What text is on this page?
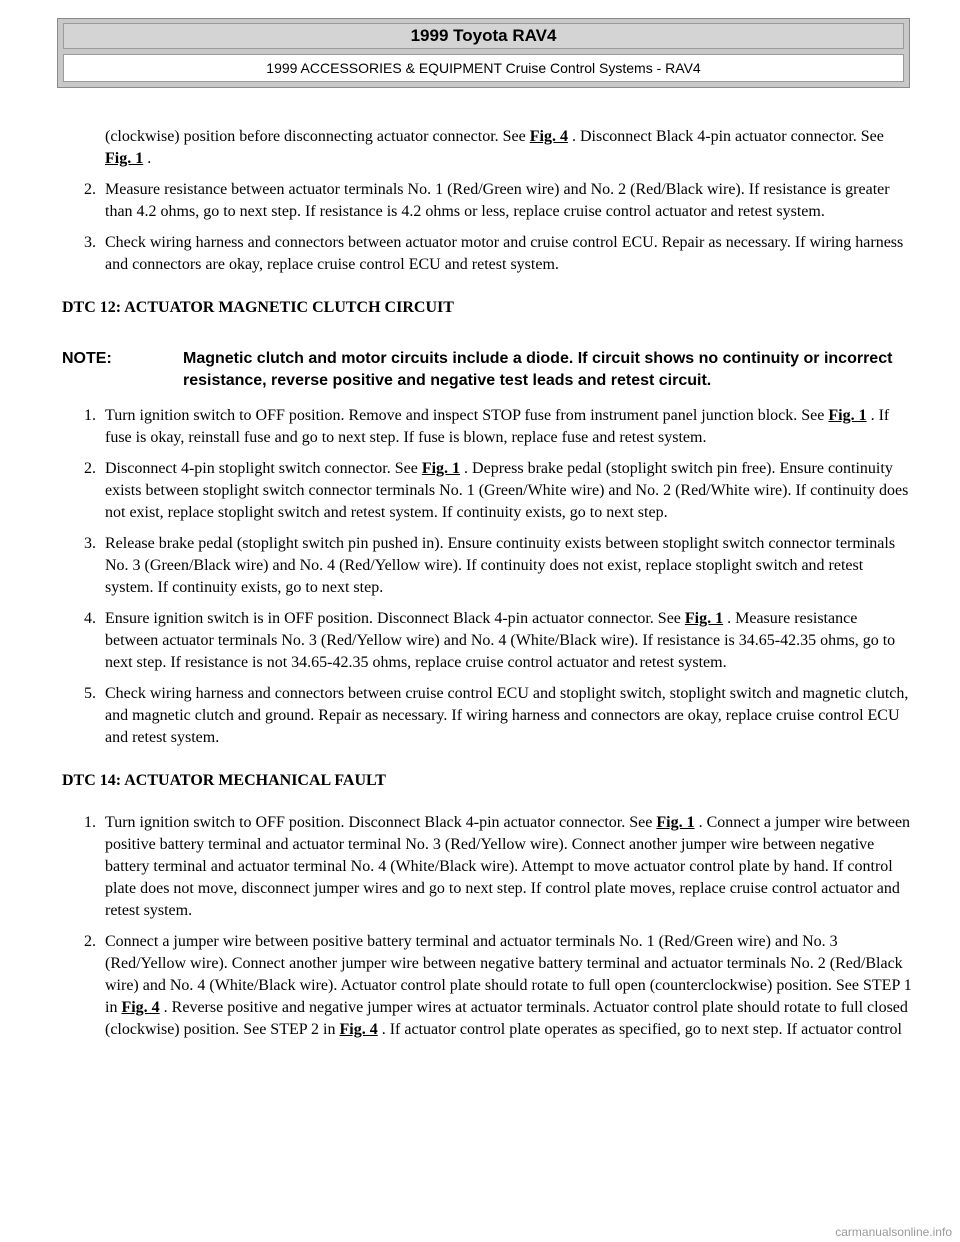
1999 Toyota RAV4
1999 ACCESSORIES & EQUIPMENT Cruise Control Systems - RAV4
(clockwise) position before disconnecting actuator connector. See Fig. 4 . Disconnect Black 4-pin actuator connector. See Fig. 1 .
2. Measure resistance between actuator terminals No. 1 (Red/Green wire) and No. 2 (Red/Black wire). If resistance is greater than 4.2 ohms, go to next step. If resistance is 4.2 ohms or less, replace cruise control actuator and retest system.
3. Check wiring harness and connectors between actuator motor and cruise control ECU. Repair as necessary. If wiring harness and connectors are okay, replace cruise control ECU and retest system.
DTC 12: ACTUATOR MAGNETIC CLUTCH CIRCUIT
1. Turn ignition switch to OFF position. Remove and inspect STOP fuse from instrument panel junction block. See Fig. 1 . If fuse is okay, reinstall fuse and go to next step. If fuse is blown, replace fuse and retest system.
2. Disconnect 4-pin stoplight switch connector. See Fig. 1 . Depress brake pedal (stoplight switch pin free). Ensure continuity exists between stoplight switch connector terminals No. 1 (Green/White wire) and No. 2 (Red/White wire). If continuity does not exist, replace stoplight switch and retest system. If continuity exists, go to next step.
3. Release brake pedal (stoplight switch pin pushed in). Ensure continuity exists between stoplight switch connector terminals No. 3 (Green/Black wire) and No. 4 (Red/Yellow wire). If continuity does not exist, replace stoplight switch and retest system. If continuity exists, go to next step.
4. Ensure ignition switch is in OFF position. Disconnect Black 4-pin actuator connector. See Fig. 1 . Measure resistance between actuator terminals No. 3 (Red/Yellow wire) and No. 4 (White/Black wire). If resistance is 34.65-42.35 ohms, go to next step. If resistance is not 34.65-42.35 ohms, replace cruise control actuator and retest system.
5. Check wiring harness and connectors between cruise control ECU and stoplight switch, stoplight switch and magnetic clutch, and magnetic clutch and ground. Repair as necessary. If wiring harness and connectors are okay, replace cruise control ECU and retest system.
DTC 14: ACTUATOR MECHANICAL FAULT
1. Turn ignition switch to OFF position. Disconnect Black 4-pin actuator connector. See Fig. 1 . Connect a jumper wire between positive battery terminal and actuator terminal No. 3 (Red/Yellow wire). Connect another jumper wire between negative battery terminal and actuator terminal No. 4 (White/Black wire). Attempt to move actuator control plate by hand. If control plate does not move, disconnect jumper wires and go to next step. If control plate moves, replace cruise control actuator and retest system.
2. Connect a jumper wire between positive battery terminal and actuator terminals No. 1 (Red/Green wire) and No. 3 (Red/Yellow wire). Connect another jumper wire between negative battery terminal and actuator terminals No. 2 (Red/Black wire) and No. 4 (White/Black wire). Actuator control plate should rotate to full open (counterclockwise) position. See STEP 1 in Fig. 4 . Reverse positive and negative jumper wires at actuator terminals. Actuator control plate should rotate to full closed (clockwise) position. See STEP 2 in Fig. 4 . If actuator control plate operates as specified, go to next step. If actuator control
NOTE:	Magnetic clutch and motor circuits include a diode. If circuit shows no continuity or incorrect resistance, reverse positive and negative test leads and retest circuit.
carmanualsonline.info
